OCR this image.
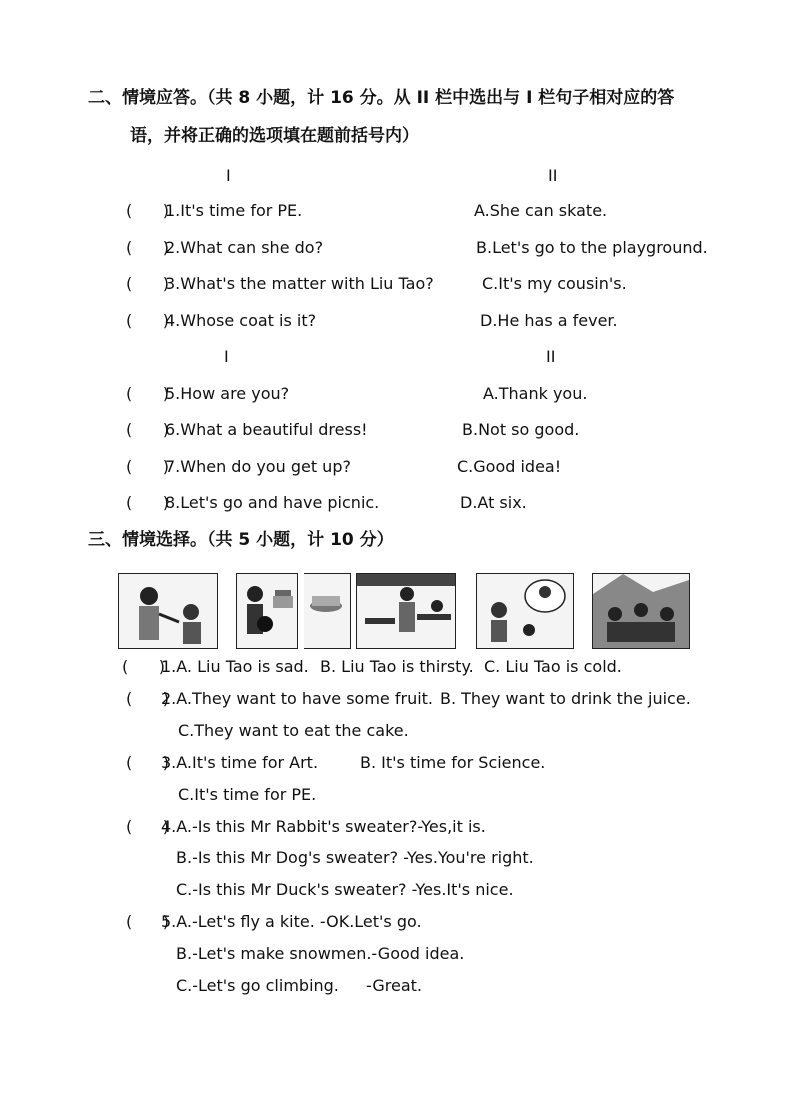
二、情境应答。（共 8 小题，计 16 分。从 II 栏中选出与 I 栏句子相对应的答
语，并将正确的选项填在题前括号内）
I	II
(      )
1.It's time for PE.	A.She can skate.
(      )
2.What can she do?	B.Let's go to the playground.
(      )
3.What's the matter with Liu Tao?	C.It's my cousin's.
(      )
4.Whose coat is it?	D.He has a fever.
I	II
(      )
5.How are you?	A.Thank you.
(      )
6.What a beautiful dress!	B.Not so good.
(      )
7.When do you get up?	C.Good idea!
(      )
8.Let's go and have picnic.	D.At six.
三、情境选择。（共 5 小题，计 10 分）
(      )
1.A. Liu Tao is sad. B. Liu Tao is thirsty. C. Liu Tao is cold.
(      )
2.A.They want to have some fruit. B. They want to drink the juice.
C.They want to eat the cake.
(      )
3.A.It's time for Art.	B. It's time for Science.
C.It's time for PE.
(      )
4.A.-Is this Mr Rabbit's sweater?-Yes,it is.
B.-Is this Mr Dog's sweater? -Yes.You're right.
C.-Is this Mr Duck's sweater? -Yes.It's nice.
(      )
5.A.-Let's fly a kite. -OK.Let's go.
B.-Let's make snowmen.-Good idea.
C.-Let's go climbing. -Great.
